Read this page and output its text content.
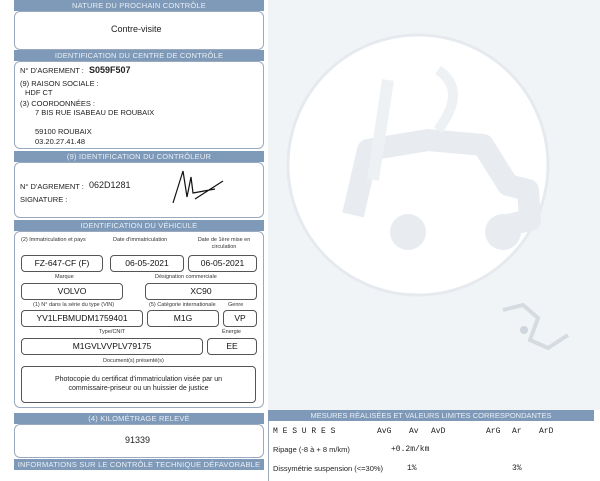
NATURE DU PROCHAIN CONTRÔLE
Contre-visite
IDENTIFICATION DU CENTRE DE CONTRÔLE
N° D'AGREMENT : S059F507
(9) RAISON SOCIALE :
HDF CT
(3) COORDONNÉES :
7 BIS RUE ISABEAU DE ROUBAIX
59100 ROUBAIX
03.20.27.41.48
(9) IDENTIFICATION DU CONTRÔLEUR
N° D'AGREMENT : 062D1281
SIGNATURE :
IDENTIFICATION DU VÉHICULE
(2) Immatriculation et pays	Date d'immatriculation	Date de 1ère mise en circulation
FZ-647-CF (F)	06-05-2021	06-05-2021
Marque	Désignation commerciale
VOLVO	XC90
(1) N° dans la série du type (VIN)	(5) Catégorie internationale Genre
YV1LFBMUDM1759401	M1G	VP
Type/CNIT	Énergie
M1GVLVVPLV79175	EE
Document(s) présenté(s)
Photocopie du certificat d'immatriculation visée par un
commissaire-priseur ou un huissier de justice
(4) KILOMÉTRAGE RELEVÉ
91339
INFORMATIONS SUR LE CONTRÔLE TECHNIQUE DÉFAVORABLE
MESURES RÉALISÉES ET VALEURS LIMITES CORRESPONDANTES
M E S U R E S	AvG Av AvD	ArG Ar ArD
Ripage (-8 à + 8 m/km)	+0.2m/km
Dissymétrie suspension (<=30%)	1%	3%
